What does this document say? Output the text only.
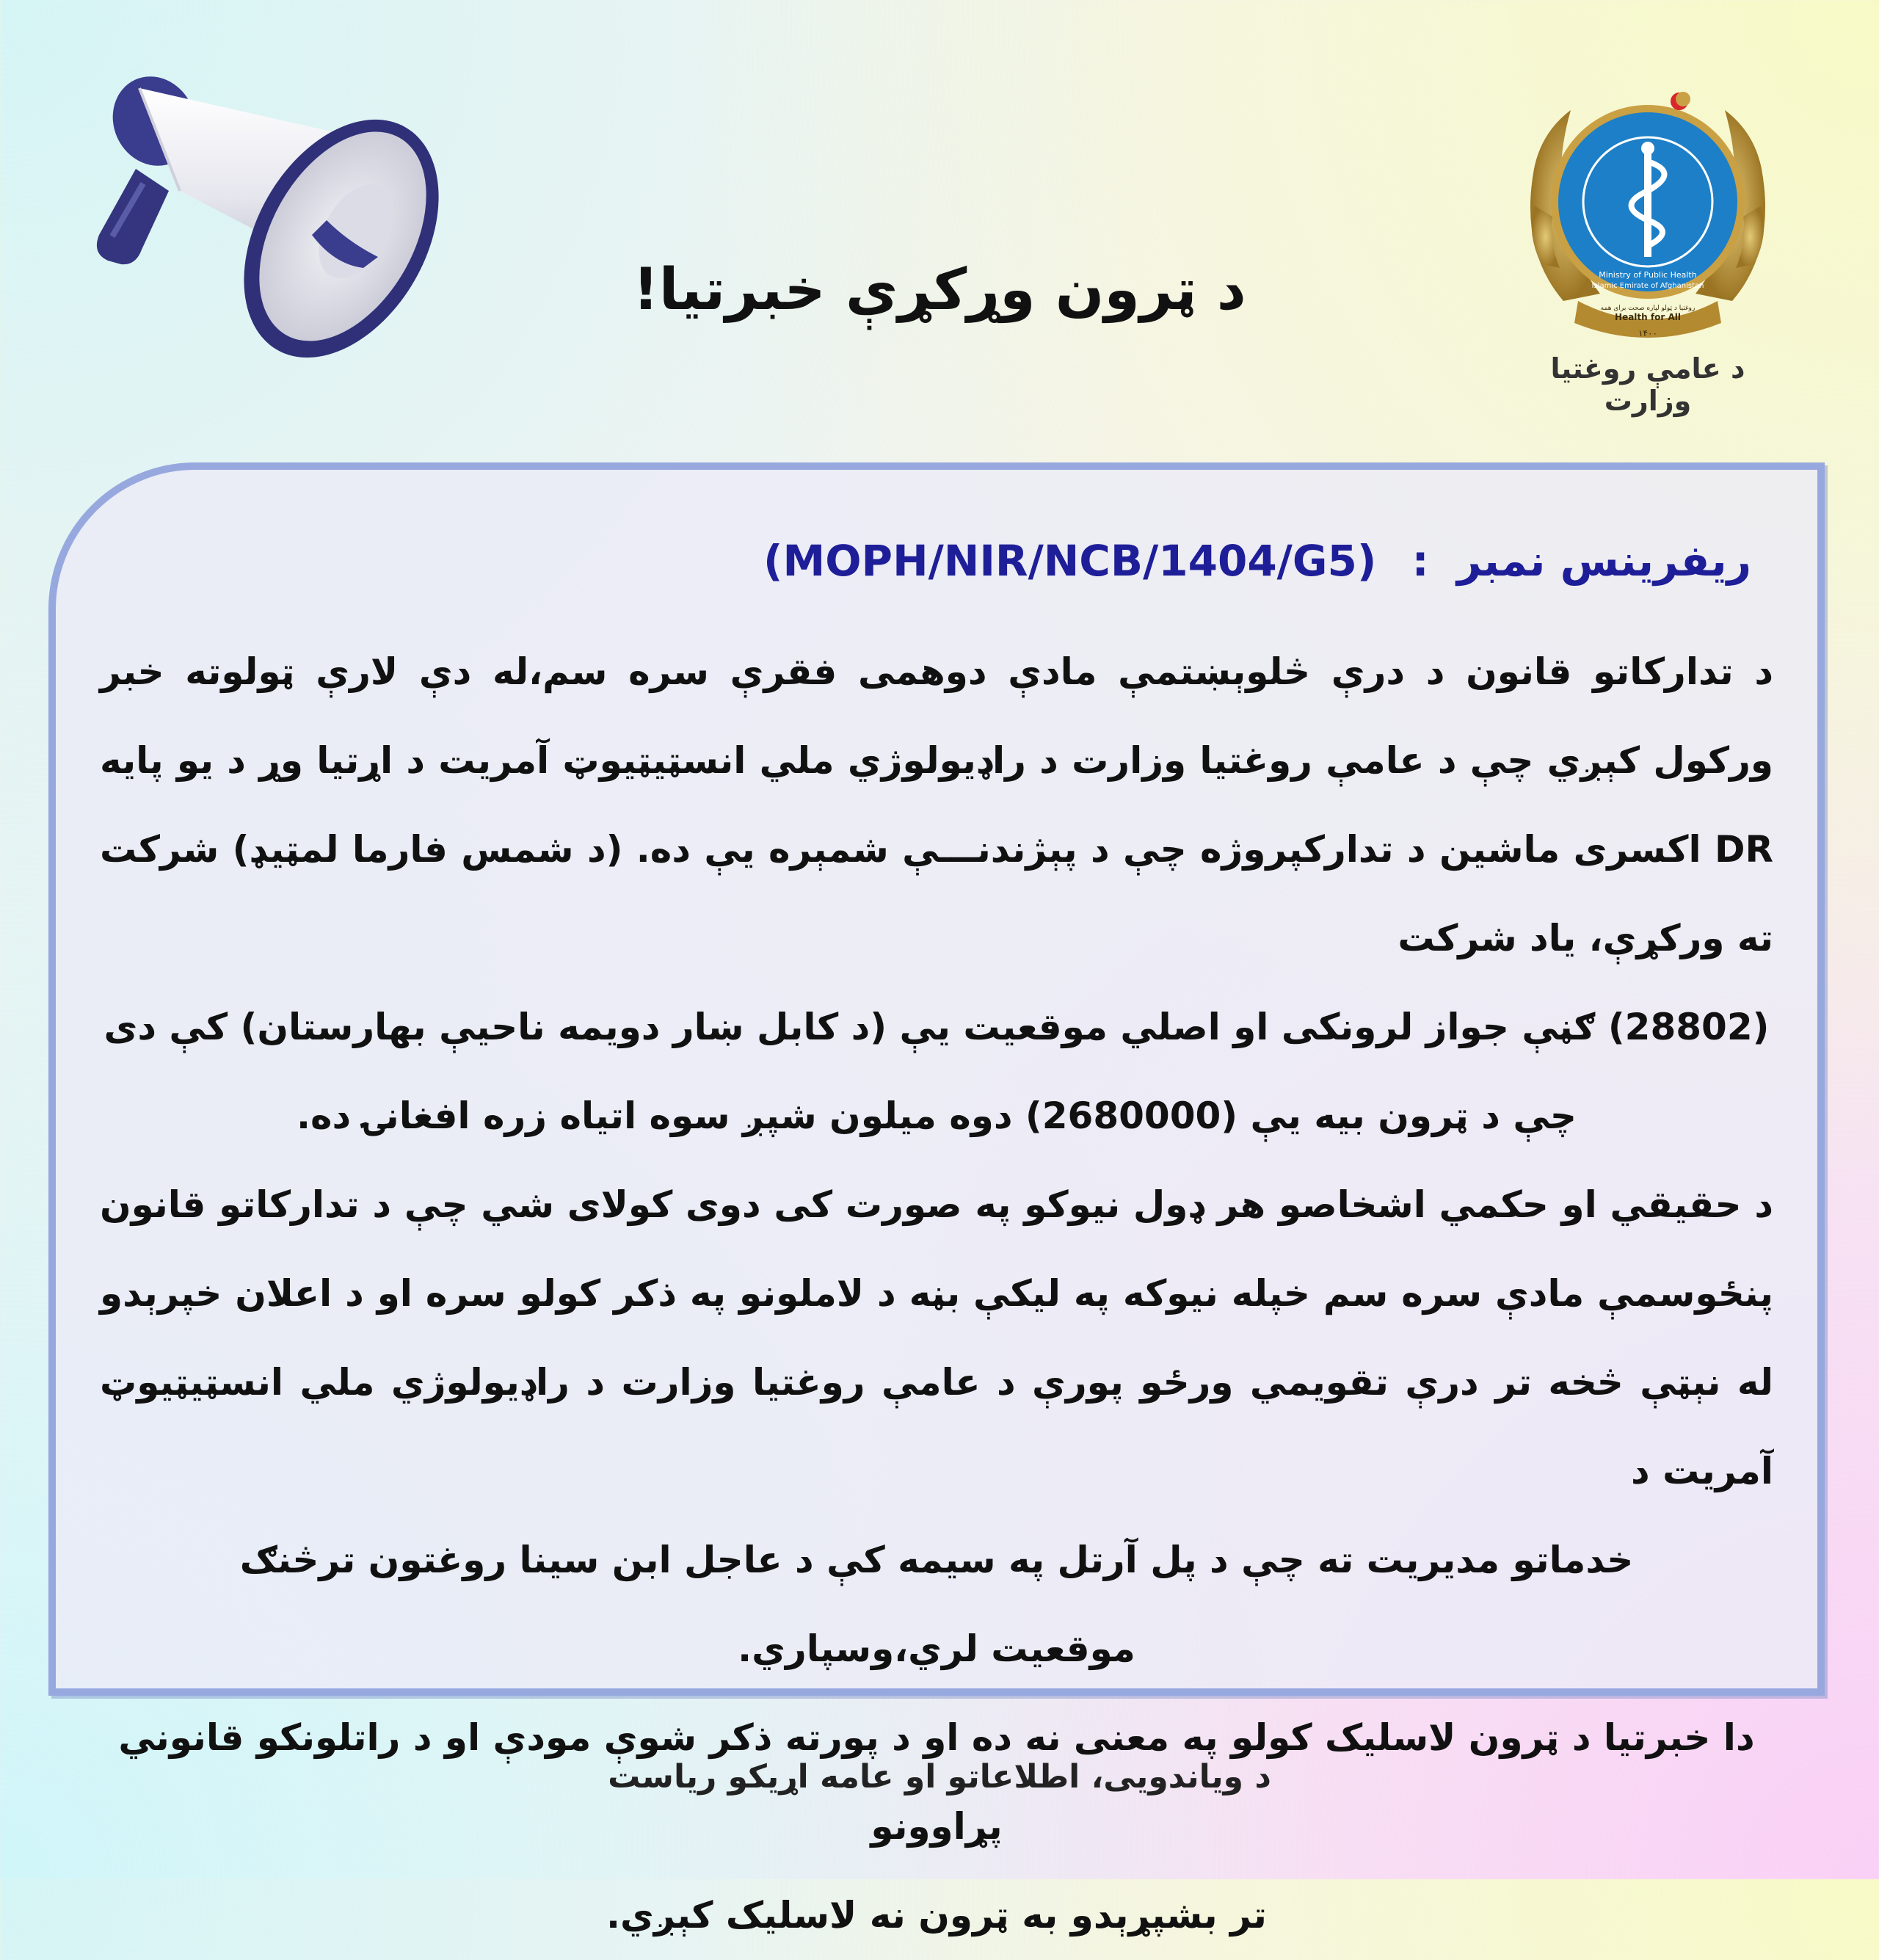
د ټرون وړکړې خبرتیا!	Ministry of Public Health
Islamic Emirate of Afghanistan
روغتیا د ټولو لپاره صحت برای همه
Health for All
۱۴۰۰
د عامې روغتیا وزارت
ریفرینس نمبر : (MOPH/NIR/NCB/1404/G5)

د تدارکاتو قانون د درې څلوېښتمې مادې دوهمی فقرې سره سم،له دې لارې ټولوته خبر ورکول کېږي چې د عامې روغتیا وزارت د راډیولوژي ملي انسټیټیوټ آمریت د اړتیا وړ د یو پایه DR اکسری ماشین د تدارکپروژه چې د پېژندنـــې شمېره یې ده. (د شمس فارما لمټیډ) شرکت ته ورکړې، یاد شرکت

(28802) ګڼې جواز لرونکی او اصلي موقعیت یې (د کابل ښار دویمه ناحیې بهارستان) کې دی

چې د ټرون بیه یې (2680000) دوه میلون شپږ سوه اتیاه زره افغانۍ ده.

د حقیقي او حکمي اشخاصو هر ډول نیوکو په صورت کی دوی کولای شي چې د تدارکاتو قانون پنځوسمې مادې سره سم خپله نیوکه په لیکې بڼه د لاملونو په ذکر کولو سره او د اعلان خپرېدو له نېټې څخه تر درې تقویمي ورځو پورې د عامې روغتیا وزارت د راډیولوژي ملي انسټیټیوټ آمریت د

خدماتو مدیریت ته چې د پل آرتل په سیمه کې د عاجل ابن سینا روغتون ترڅنګ

موقعیت لري،وسپاري.

دا خبرتیا د ټرون لاسلیک کولو په معنی نه ده او د پورته ذکر شوې مودې او د راتلونکو قانوني پړاوونو

تر بشپړېدو به ټرون نه لاسلیک کېږي.

د ویاندویی، اطلاعاتو او عامه اړیکو ریاست
